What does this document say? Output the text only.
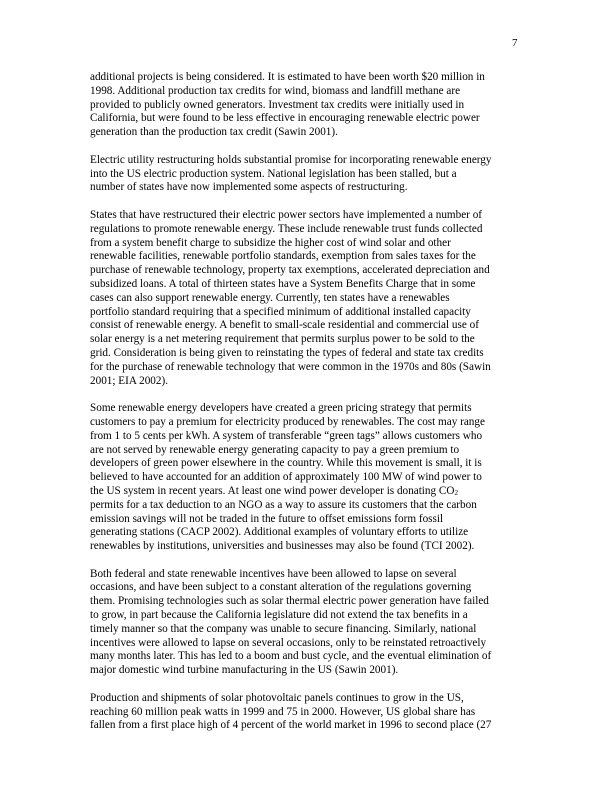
7

additional projects is being considered. It is estimated to have been worth $20 million in
1998. Additional production tax credits for wind, biomass and landfill methane are
provided to publicly owned generators. Investment tax credits were initially used in
California, but were found to be less effective in encouraging renewable electric power
generation than the production tax credit (Sawin 2001).

Electric utility restructuring holds substantial promise for incorporating renewable energy
into the US electric production system. National legislation has been stalled, but a
number of states have now implemented some aspects of restructuring.

States that have restructured their electric power sectors have implemented a number of
regulations to promote renewable energy. These include renewable trust funds collected
from a system benefit charge to subsidize the higher cost of wind solar and other
renewable facilities, renewable portfolio standards, exemption from sales taxes for the
purchase of renewable technology, property tax exemptions, accelerated depreciation and
subsidized loans. A total of thirteen states have a System Benefits Charge that in some
cases can also support renewable energy. Currently, ten states have a renewables
portfolio standard requiring that a specified minimum of additional installed capacity
consist of renewable energy. A benefit to small-scale residential and commercial use of
solar energy is a net metering requirement that permits surplus power to be sold to the
grid. Consideration is being given to reinstating the types of federal and state tax credits
for the purchase of renewable technology that were common in the 1970s and 80s (Sawin
2001; EIA 2002).

Some renewable energy developers have created a green pricing strategy that permits
customers to pay a premium for electricity produced by renewables. The cost may range
from 1 to 5 cents per kWh. A system of transferable “green tags” allows customers who
are not served by renewable energy generating capacity to pay a green premium to
developers of green power elsewhere in the country. While this movement is small, it is
believed to have accounted for an addition of approximately 100 MW of wind power to
the US system in recent years. At least one wind power developer is donating $CO_2$
permits for a tax deduction to an NGO as a way to assure its customers that the carbon
emission savings will not be traded in the future to offset emissions form fossil
generating stations (CACP 2002). Additional examples of voluntary efforts to utilize
renewables by institutions, universities and businesses may also be found (TCI 2002).

Both federal and state renewable incentives have been allowed to lapse on several
occasions, and have been subject to a constant alteration of the regulations governing
them. Promising technologies such as solar thermal electric power generation have failed
to grow, in part because the California legislature did not extend the tax benefits in a
timely manner so that the company was unable to secure financing. Similarly, national
incentives were allowed to lapse on several occasions, only to be reinstated retroactively
many months later. This has led to a boom and bust cycle, and the eventual elimination of
major domestic wind turbine manufacturing in the US (Sawin 2001).

Production and shipments of solar photovoltaic panels continues to grow in the US,
reaching 60 million peak watts in 1999 and 75 in 2000. However, US global share has
fallen from a first place high of 4 percent of the world market in 1996 to second place (27
